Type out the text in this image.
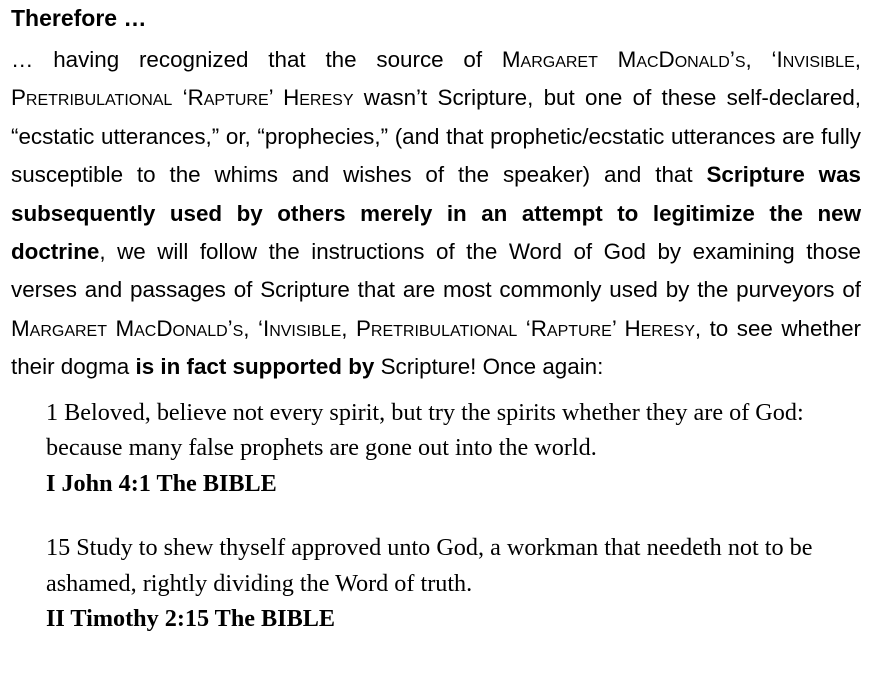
Therefore …

… having recognized that the source of Margaret MacDonald’s, ‘Invisible, Pretribulational ‘Rapture’ Heresy wasn’t Scripture, but one of these self-declared, “ecstatic utterances,” or, “prophecies,” (and that prophetic/ecstatic utterances are fully susceptible to the whims and wishes of the speaker) and that Scripture was subsequently used by others merely in an attempt to legitimize the new doctrine, we will follow the instructions of the Word of God by examining those verses and passages of Scripture that are most commonly used by the purveyors of Margaret MacDonald’s, ‘Invisible, Pretribulational ‘Rapture’ Heresy, to see whether their dogma is in fact supported by Scripture! Once again:

1 Beloved, believe not every spirit, but try the spirits whether they are of God: because many false prophets are gone out into the world.

I John 4:1 The BIBLE

15 Study to shew thyself approved unto God, a workman that needeth not to be ashamed, rightly dividing the Word of truth.

II Timothy 2:15 The BIBLE
